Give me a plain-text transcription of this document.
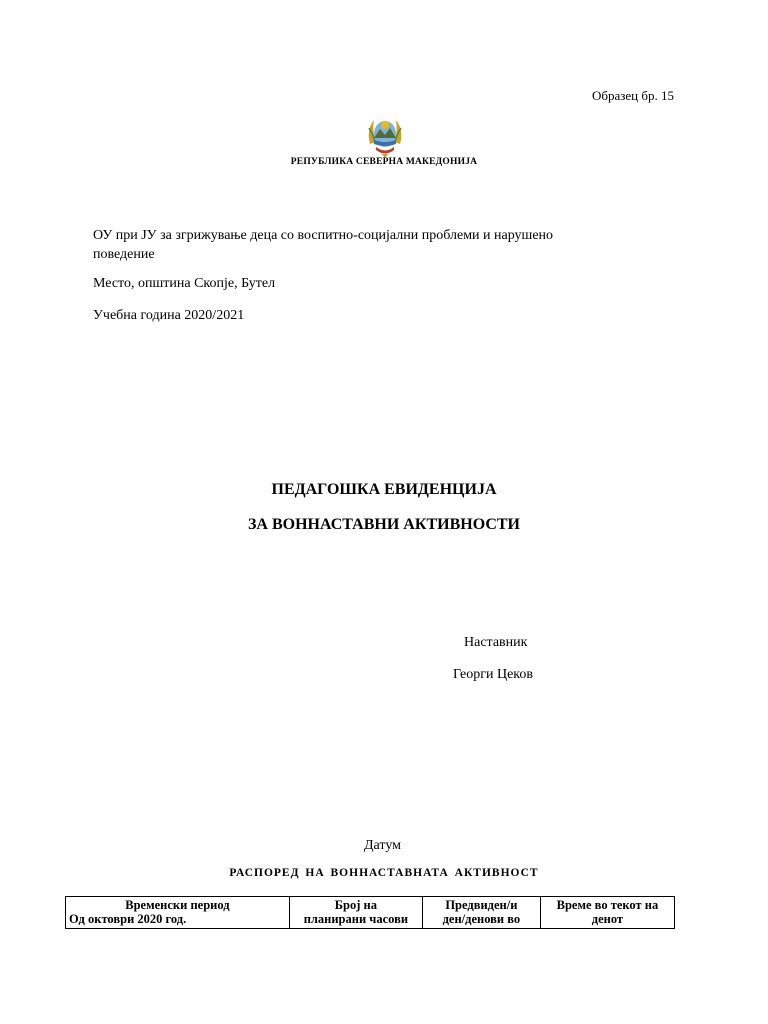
Образец бр. 15
РЕПУБЛИКА СЕВЕРНА МАКЕДОНИЈА
ОУ при ЈУ за згрижување деца со воспитно-социјални проблеми и нарушено поведение
Место, општина Скопје, Бутел
Учебна година 2020/2021
ПЕДАГОШКА ЕВИДЕНЦИЈА
ЗА ВОННАСТАВНИ АКТИВНОСТИ
Наставник
Георги Цеков
Датум
РАСПОРЕД НА ВОННАСТАВНАТА АКТИВНОСТ
Временски период
Од октоври 2020 год.

Број на
планирани часови

Предвиден/и
ден/денови во

Време во текот на
денот
